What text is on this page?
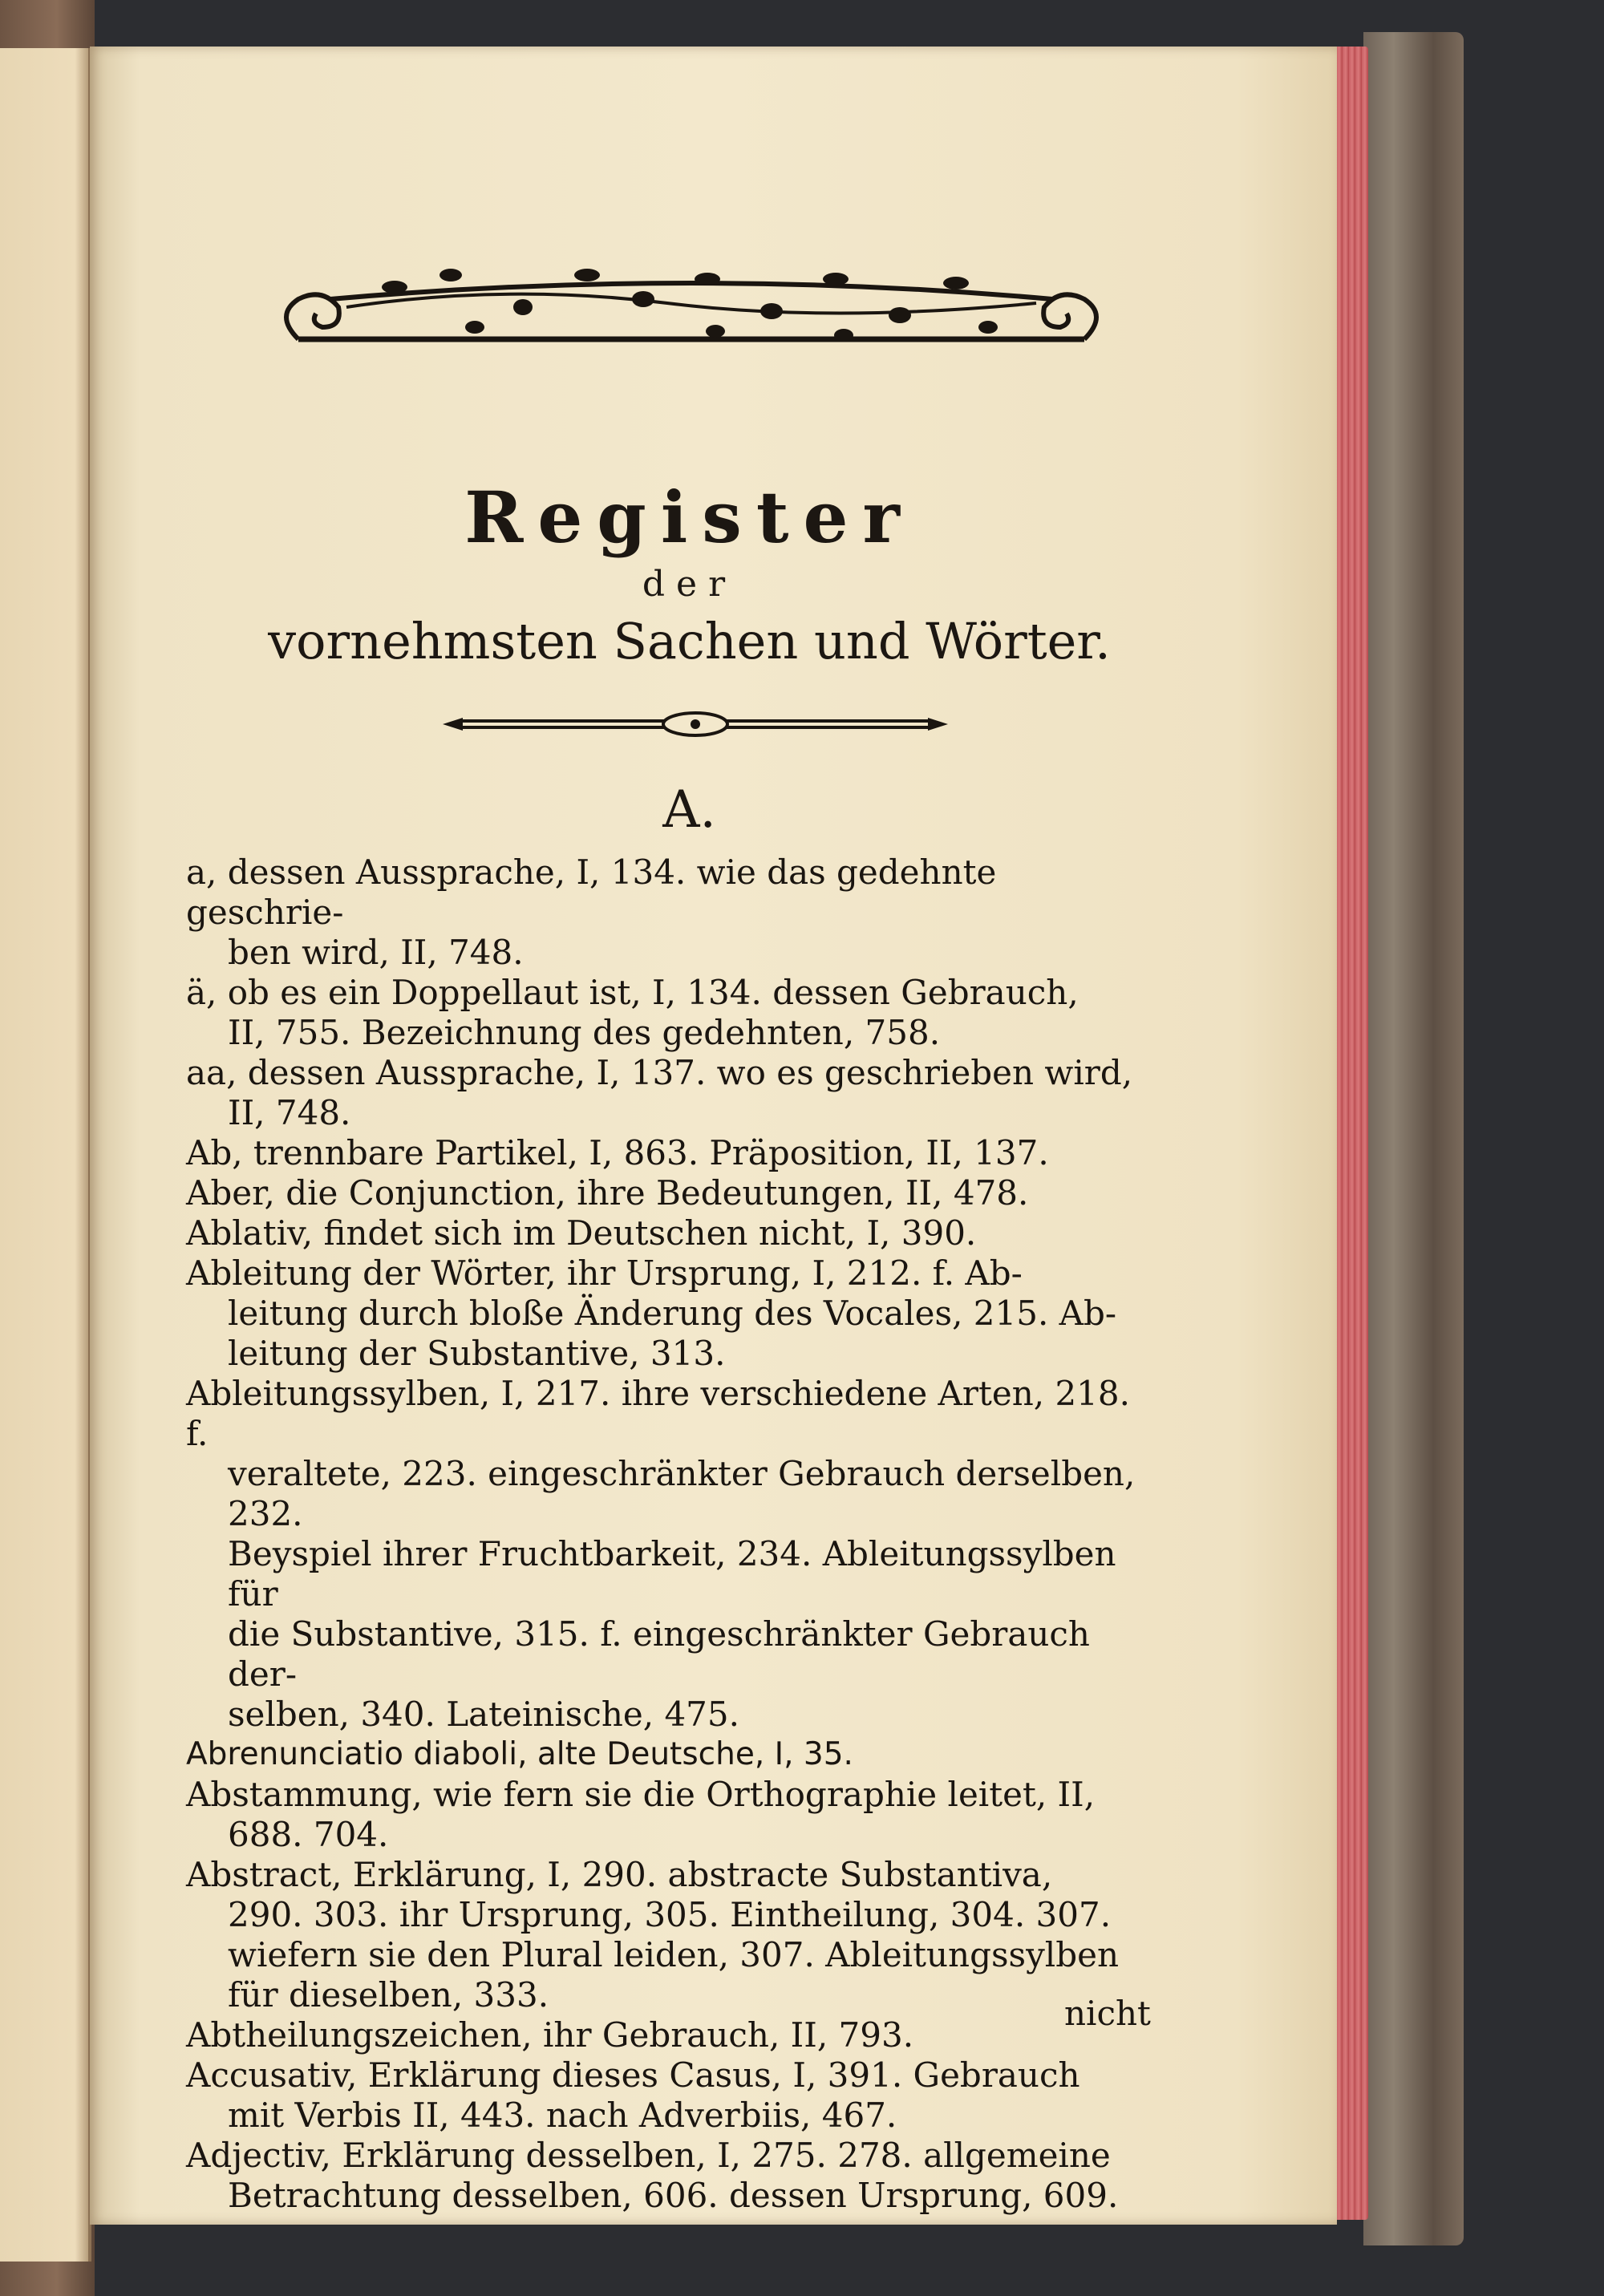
Register
der
vornehmsten Sachen und Wörter.
A.
a, dessen Aussprache, I, 134. wie das gedehnte geschrie-
ben wird, II, 748.
ä, ob es ein Doppellaut ist, I, 134. dessen Gebrauch,
II, 755. Bezeichnung des gedehnten, 758.
aa, dessen Aussprache, I, 137. wo es geschrieben wird,
II, 748.
Ab, trennbare Partikel, I, 863. Präposition, II, 137.
Aber, die Conjunction, ihre Bedeutungen, II, 478.
Ablativ, findet sich im Deutschen nicht, I, 390.
Ableitung der Wörter, ihr Ursprung, I, 212. f. Ab-
leitung durch bloße Änderung des Vocales, 215. Ab-
leitung der Substantive, 313.
Ableitungssylben, I, 217. ihre verschiedene Arten, 218. f.
veraltete, 223. eingeschränkter Gebrauch derselben, 232.
Beyspiel ihrer Fruchtbarkeit, 234. Ableitungssylben für
die Substantive, 315. f. eingeschränkter Gebrauch der-
selben, 340. Lateinische, 475.
Abrenunciatio diaboli, alte Deutsche, I, 35.
Abstammung, wie fern sie die Orthographie leitet, II,
688. 704.
Abstract, Erklärung, I, 290. abstracte Substantiva,
290. 303. ihr Ursprung, 305. Eintheilung, 304. 307.
wiefern sie den Plural leiden, 307. Ableitungssylben
für dieselben, 333.
Abtheilungszeichen, ihr Gebrauch, II, 793.
Accusativ, Erklärung dieses Casus, I, 391. Gebrauch
mit Verbis II, 443. nach Adverbiis, 467.
Adjectiv, Erklärung desselben, I, 275. 278. allgemeine
Betrachtung desselben, 606. dessen Ursprung, 609.
nicht
